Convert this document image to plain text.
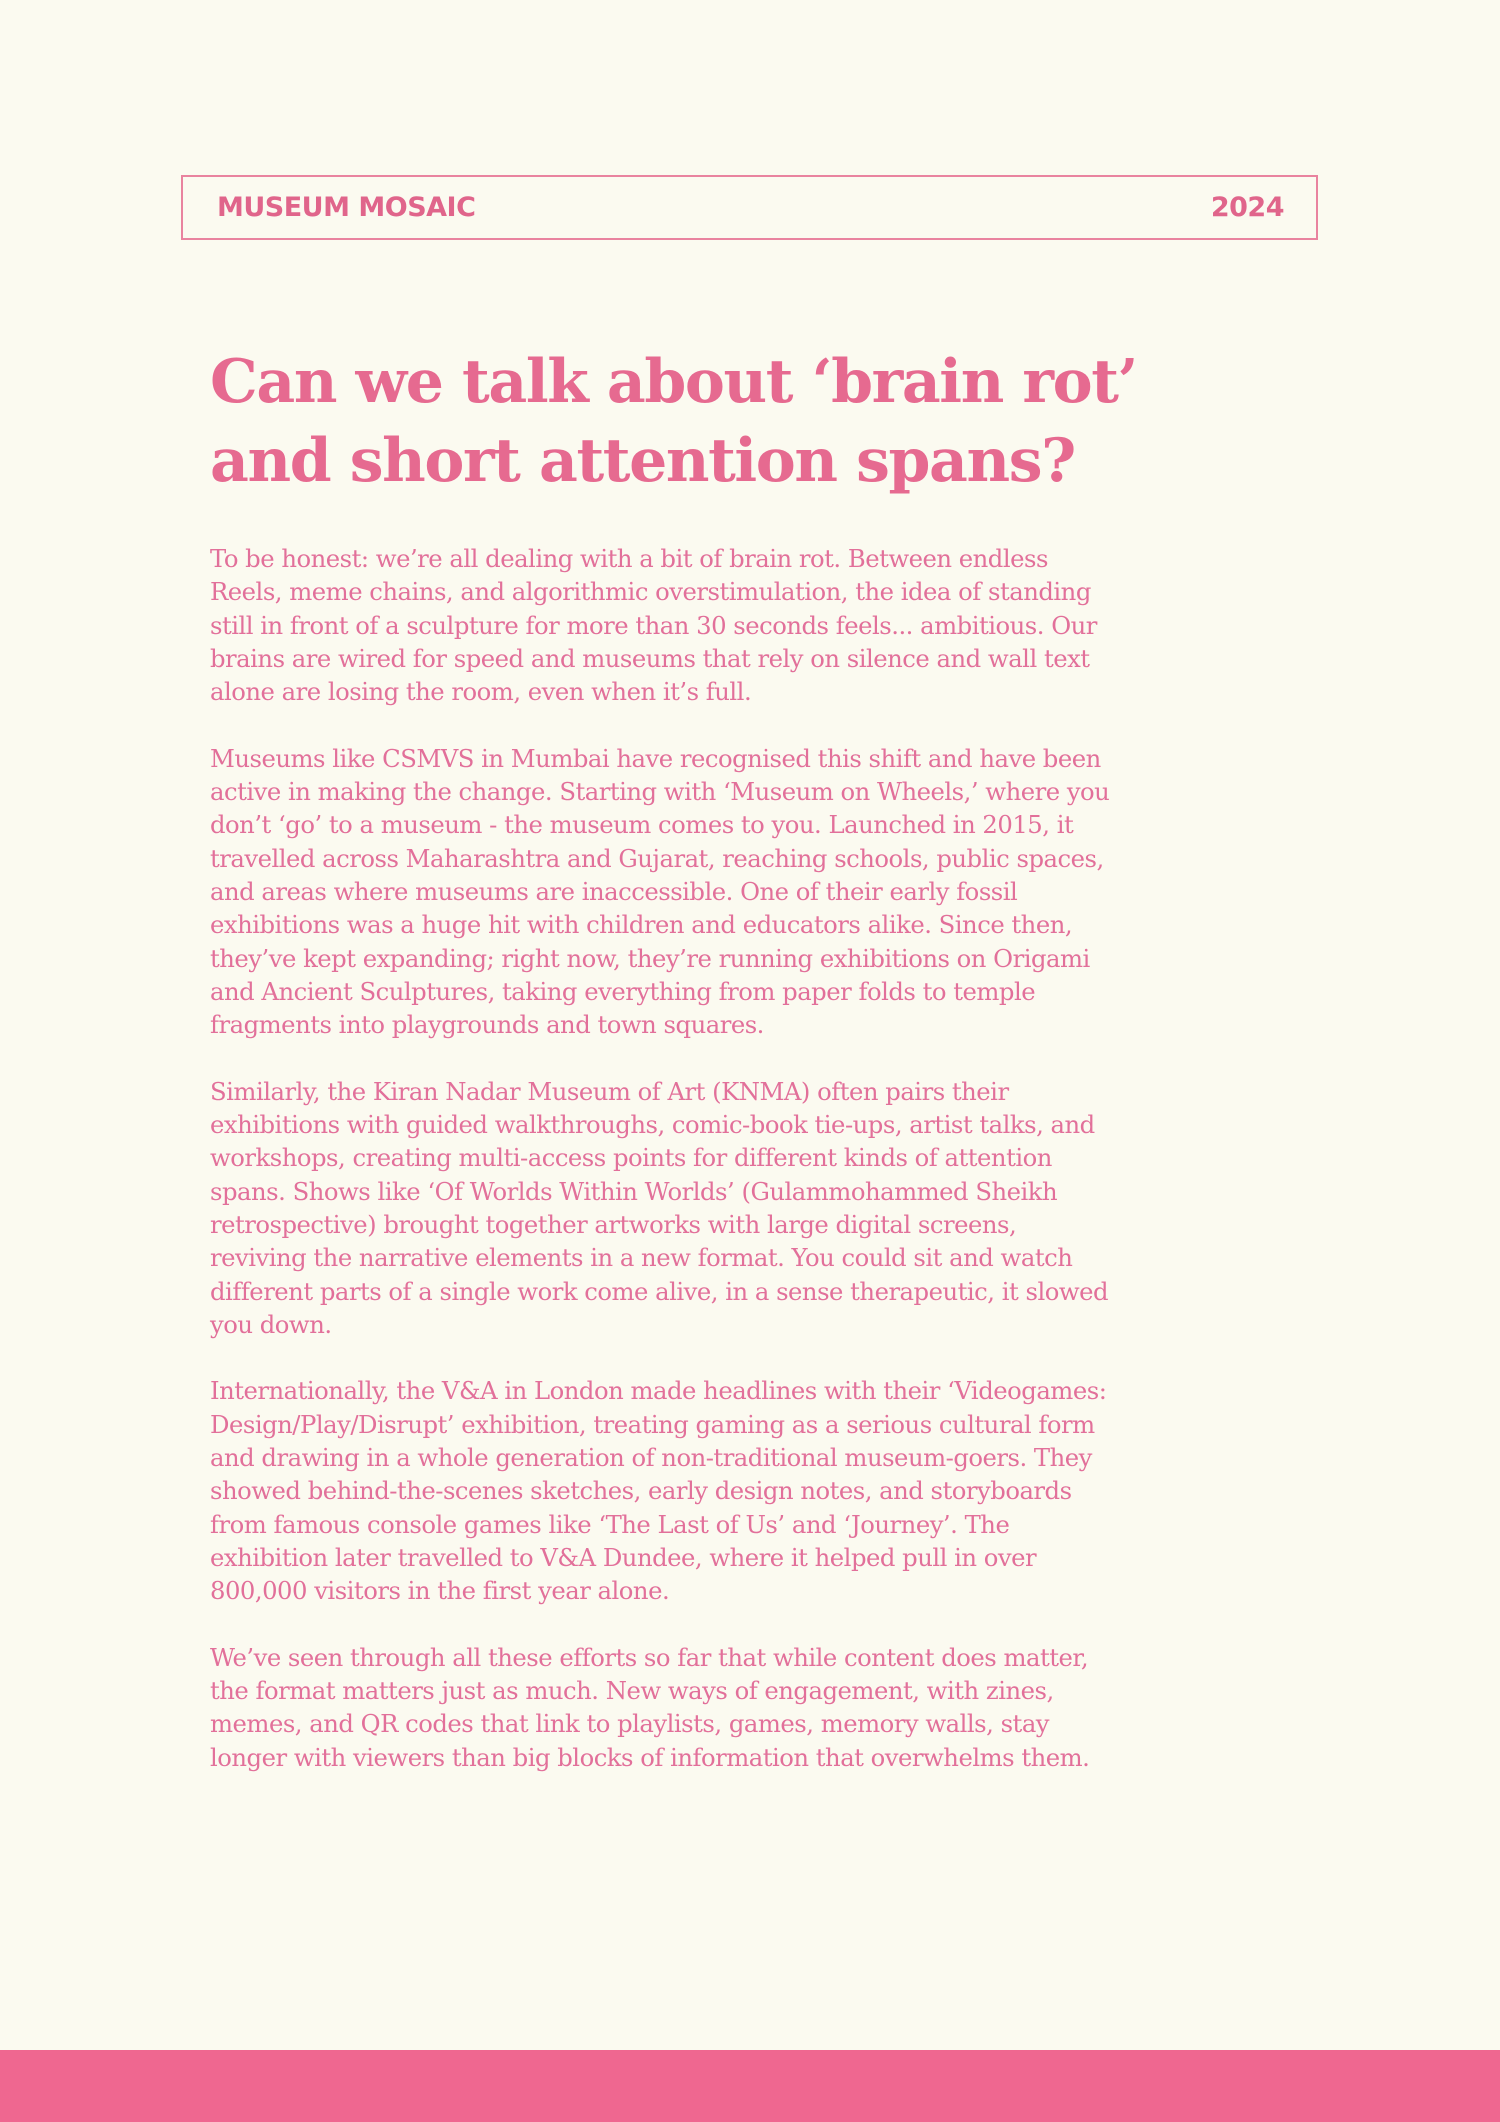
MUSEUM MOSAIC	2024
Can we talk about ‘brain rot’ and short attention spans?

To be honest: we’re all dealing with a bit of brain rot. Between endless Reels, meme chains, and algorithmic overstimulation, the idea of standing still in front of a sculpture for more than 30 seconds feels... ambitious. Our brains are wired for speed and museums that rely on silence and wall text alone are losing the room, even when it’s full.

Museums like CSMVS in Mumbai have recognised this shift and have been active in making the change. Starting with ‘Museum on Wheels,’ where you don’t ‘go’ to a museum - the museum comes to you. Launched in 2015, it travelled across Maharashtra and Gujarat, reaching schools, public spaces, and areas where museums are inaccessible. One of their early fossil exhibitions was a huge hit with children and educators alike. Since then, they’ve kept expanding; right now, they’re running exhibitions on Origami and Ancient Sculptures, taking everything from paper folds to temple fragments into playgrounds and town squares.

Similarly, the Kiran Nadar Museum of Art (KNMA) often pairs their exhibitions with guided walkthroughs, comic-book tie-ups, artist talks, and workshops, creating multi-access points for different kinds of attention spans. Shows like ‘Of Worlds Within Worlds’ (Gulammohammed Sheikh retrospective) brought together artworks with large digital screens, reviving the narrative elements in a new format. You could sit and watch different parts of a single work come alive, in a sense therapeutic, it slowed you down.

Internationally, the V&A in London made headlines with their ‘Videogames: Design/Play/Disrupt’ exhibition, treating gaming as a serious cultural form and drawing in a whole generation of non-traditional museum-goers. They showed behind-the-scenes sketches, early design notes, and storyboards from famous console games like ‘The Last of Us’ and ‘Journey’. The exhibition later travelled to V&A Dundee, where it helped pull in over 800,000 visitors in the first year alone.

We’ve seen through all these efforts so far that while content does matter, the format matters just as much. New ways of engagement, with zines, memes, and QR codes that link to playlists, games, memory walls, stay longer with viewers than big blocks of information that overwhelms them.
